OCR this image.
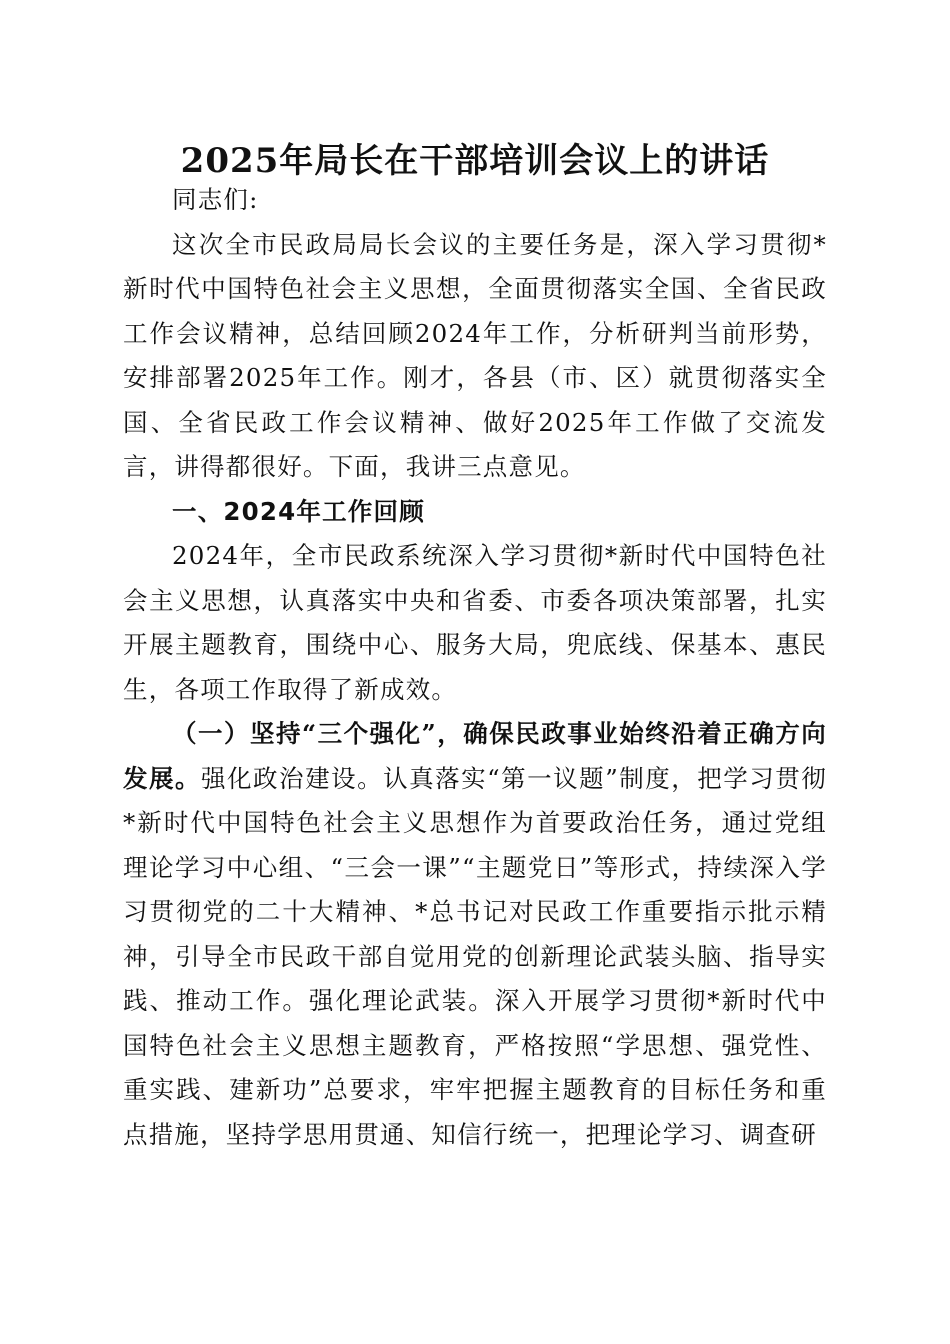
2025年局长在干部培训会议上的讲话

同志们:

这次全市民政局局长会议的主要任务是，深入学习贯彻*新时代中国特色社会主义思想，全面贯彻落实全国、全省民政工作会议精神，总结回顾2024年工作，分析研判当前形势，安排部署2025年工作。刚才，各县（市、区）就贯彻落实全国、全省民政工作会议精神、做好2025年工作做了交流发言，讲得都很好。下面，我讲三点意见。

一、2024年工作回顾

2024年，全市民政系统深入学习贯彻*新时代中国特色社会主义思想，认真落实中央和省委、市委各项决策部署，扎实开展主题教育，围绕中心、服务大局，兜底线、保基本、惠民生，各项工作取得了新成效。

（一）坚持“三个强化”，确保民政事业始终沿着正确方向发展。强化政治建设。认真落实“第一议题”制度，把学习贯彻*新时代中国特色社会主义思想作为首要政治任务，通过党组理论学习中心组、“三会一课”“主题党日”等形式，持续深入学习贯彻党的二十大精神、*总书记对民政工作重要指示批示精神，引导全市民政干部自觉用党的创新理论武装头脑、指导实践、推动工作。强化理论武装。深入开展学习贯彻*新时代中国特色社会主义思想主题教育，严格按照“学思想、强党性、重实践、建新功”总要求，牢牢把握主题教育的目标任务和重点措施，坚持学思用贯通、知信行统一，把理论学习、调查研
